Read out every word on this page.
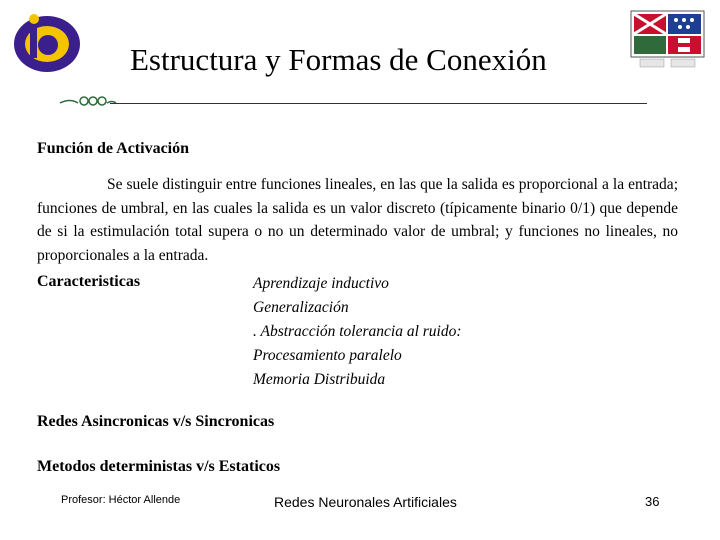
Estructura y Formas de Conexión
Función de Activación
Se suele distinguir entre funciones lineales, en las que la salida es proporcional a la entrada; funciones de umbral, en las cuales la salida es un valor discreto (típicamente binario 0/1) que depende de si la estimulación total supera o no un determinado valor de umbral; y funciones no lineales, no proporcionales a la entrada.
Caracteristicas	Aprendizaje inductivo
Generalización
. Abstracción tolerancia al ruido:
Procesamiento paralelo
Memoria Distribuida
Redes Asincronicas v/s Sincronicas
Metodos deterministas v/s Estaticos
Profesor: Héctor Allende	Redes Neuronales Artificiales	36
